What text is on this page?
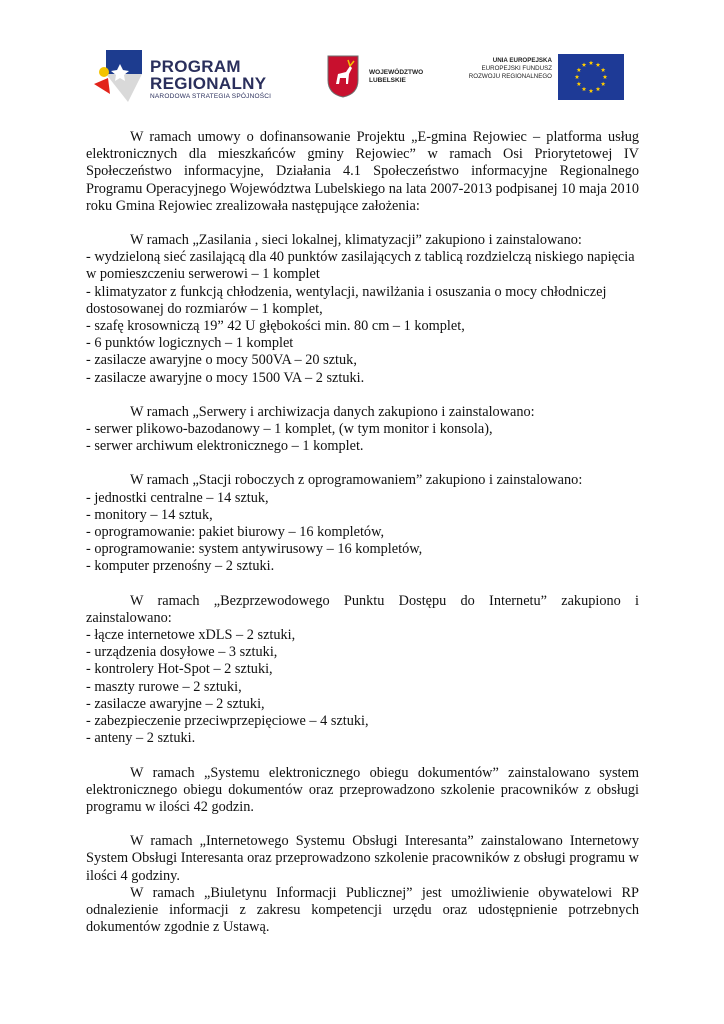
PROGRAM
REGIONALNY
NARODOWA STRATEGIA SPÓJNOŚCI
WOJEWÓDZTWO
LUBELSKIE
UNIA EUROPEJSKA
EUROPEJSKI FUNDUSZ
ROZWOJU REGIONALNEGO

W ramach umowy o dofinansowanie Projektu „E-gmina Rejowiec – platforma usług elektronicznych dla mieszkańców gminy Rejowiec” w ramach Osi Priorytetowej IV Społeczeństwo informacyjne, Działania 4.1 Społeczeństwo informacyjne Regionalnego Programu Operacyjnego Województwa Lubelskiego na lata 2007-2013 podpisanej 10 maja 2010 roku Gmina Rejowiec zrealizowała następujące założenia:

W ramach „Zasilania , sieci lokalnej, klimatyzacji” zakupiono i zainstalowano:

- wydzieloną sieć zasilającą dla 40 punktów zasilających z tablicą rozdzielczą niskiego napięcia w pomieszczeniu serwerowi – 1 komplet

- klimatyzator z funkcją chłodzenia, wentylacji, nawilżania i osuszania o mocy chłodniczej dostosowanej do rozmiarów – 1 komplet,

- szafę krosowniczą 19” 42 U głębokości min. 80 cm – 1 komplet,

- 6 punktów logicznych – 1 komplet

- zasilacze awaryjne o mocy 500VA – 20 sztuk,

- zasilacze awaryjne o mocy 1500 VA – 2 sztuki.

W ramach „Serwery i archiwizacja danych zakupiono i zainstalowano:

- serwer plikowo-bazodanowy – 1 komplet, (w tym monitor i konsola),

- serwer archiwum elektronicznego – 1 komplet.

W ramach „Stacji roboczych z oprogramowaniem” zakupiono i zainstalowano:

- jednostki centralne – 14 sztuk,

- monitory – 14 sztuk,

- oprogramowanie: pakiet biurowy – 16 kompletów,

- oprogramowanie: system antywirusowy – 16 kompletów,

- komputer przenośny – 2 sztuki.

W ramach „Bezprzewodowego Punktu Dostępu do Internetu” zakupiono i zainstalowano:

- łącze internetowe xDLS – 2 sztuki,

- urządzenia dosyłowe – 3 sztuki,

- kontrolery Hot-Spot – 2 sztuki,

- maszty rurowe – 2 sztuki,

- zasilacze awaryjne – 2 sztuki,

- zabezpieczenie przeciwprzepięciowe – 4 sztuki,

- anteny – 2 sztuki.

W ramach „Systemu elektronicznego obiegu dokumentów” zainstalowano system elektronicznego obiegu dokumentów oraz przeprowadzono szkolenie pracowników z obsługi programu w ilości 42 godzin.

W ramach „Internetowego Systemu Obsługi Interesanta” zainstalowano Internetowy System Obsługi Interesanta oraz przeprowadzono szkolenie pracowników z obsługi programu w ilości 4 godziny.

W ramach „Biuletynu Informacji Publicznej” jest umożliwienie obywatelowi RP odnalezienie informacji z zakresu kompetencji urzędu oraz udostępnienie potrzebnych dokumentów zgodnie z Ustawą.
